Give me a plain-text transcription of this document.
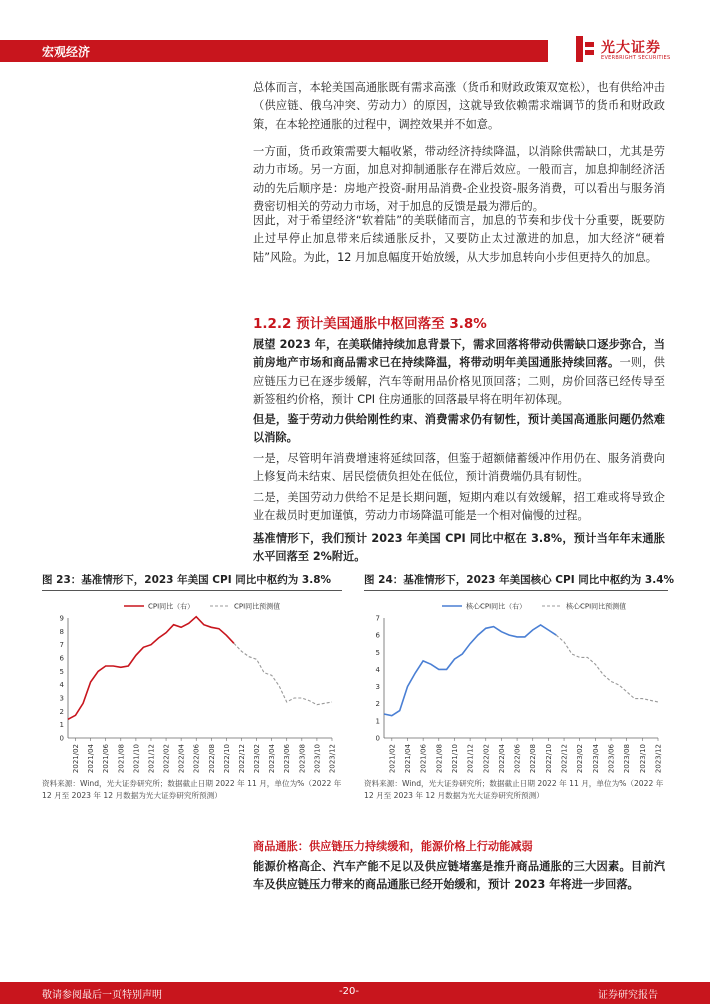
宏观经济	光大证券
EVERBRIGHT SECURITIES
总体而言，本轮美国高通胀既有需求高涨（货币和财政政策双宽松），也有供给冲击（供应链、俄乌冲突、劳动力）的原因，这就导致依赖需求端调节的货币和财政政策，在本轮控通胀的过程中，调控效果并不如意。
一方面，货币政策需要大幅收紧，带动经济持续降温，以消除供需缺口，尤其是劳动力市场。另一方面，加息对抑制通胀存在滞后效应。一般而言，加息抑制经济活动的先后顺序是：房地产投资-耐用品消费-企业投资-服务消费，可以看出与服务消费密切相关的劳动力市场，对于加息的反馈是最为滞后的。
因此，对于希望经济“软着陆”的美联储而言，加息的节奏和步伐十分重要，既要防止过早停止加息带来后续通胀反扑，又要防止太过激进的加息，加大经济“硬着陆”风险。为此，12 月加息幅度开始放缓，从大步加息转向小步但更持久的加息。
1.2.2 预计美国通胀中枢回落至 3.8%
展望 2023 年，在美联储持续加息背景下，需求回落将带动供需缺口逐步弥合，当前房地产市场和商品需求已在持续降温，将带动明年美国通胀持续回落。一则，供应链压力已在逐步缓解，汽车等耐用品价格见顶回落；二则，房价回落已经传导至新签租约价格，预计 CPI 住房通胀的回落最早将在明年初体现。
但是，鉴于劳动力供给刚性约束、消费需求仍有韧性，预计美国高通胀问题仍然难以消除。
一是，尽管明年消费增速将延续回落，但鉴于超额储蓄缓冲作用仍在、服务消费向上修复尚未结束、居民偿债负担处在低位，预计消费端仍具有韧性。
二是，美国劳动力供给不足是长期问题，短期内难以有效缓解，招工难或将导致企业在裁员时更加谨慎，劳动力市场降温可能是一个相对偏慢的过程。
基准情形下，我们预计 2023 年美国 CPI 同比中枢在 3.8%，预计当年年末通胀水平回落至 2%附近。
图 23：基准情形下，2023 年美国 CPI 同比中枢约为 3.8%
0
1
2
3
4
5
6
7
8
9
2021/02 2021/04 2021/06 2021/08 2021/10 2021/12 2022/02 2022/04 2022/06 2022/08 2022/10 2022/12 2023/02 2023/04 2023/06 2023/08 2023/10 2023/12
CPI同比（右）	CPI同比预测值
资料来源：Wind，光大证券研究所；数据截止日期 2022 年 11 月，单位为%（2022 年 12 月至 2023 年 12 月数据为光大证券研究所预测）
图 24：基准情形下，2023 年美国核心 CPI 同比中枢约为 3.4%
0
1
2
3
4
5
6
7
2021/02 2021/04 2021/06 2021/08 2021/10 2021/12 2022/02 2022/04 2022/06 2022/08 2022/10 2022/12 2023/02 2023/04 2023/06 2023/08 2023/10 2023/12
核心CPI同比（右）	核心CPI同比预测值
资料来源：Wind，光大证券研究所；数据截止日期 2022 年 11 月，单位为%（2022 年 12 月至 2023 年 12 月数据为光大证券研究所预测）
商品通胀：供应链压力持续缓和，能源价格上行动能减弱
能源价格高企、汽车产能不足以及供应链堵塞是推升商品通胀的三大因素。目前汽车及供应链压力带来的商品通胀已经开始缓和，预计 2023 年将进一步回落。
敬请参阅最后一页特别声明	-20-	证券研究报告
